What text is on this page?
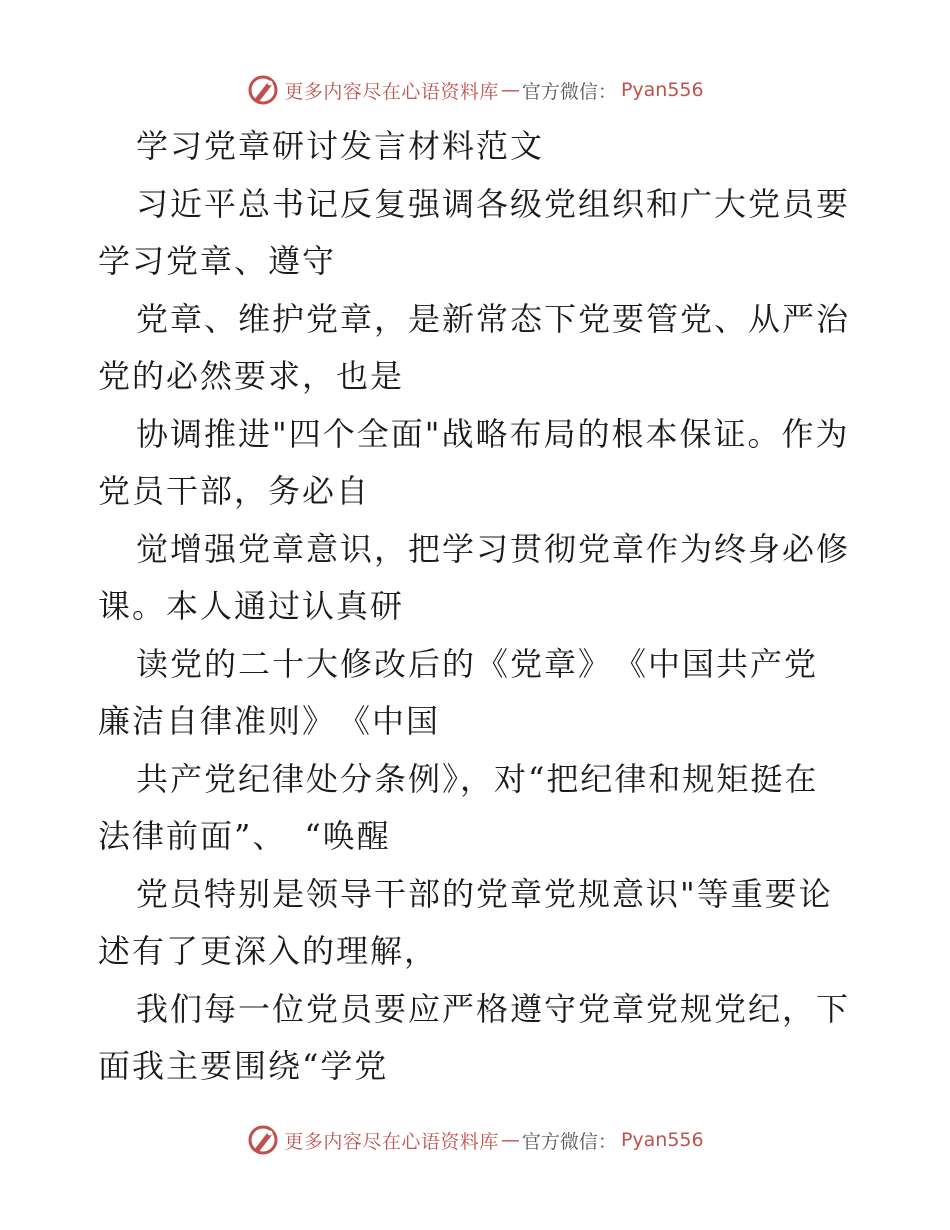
更多内容尽在心语资料库 — 官方微信： Pyan556
学习党章研讨发言材料范文
习近平总书记反复强调各级党组织和广大党员要
学习党章、遵守
党章、维护党章，是新常态下党要管党、从严治
党的必然要求，也是
协调推进"四个全面"战略布局的根本保证。作为
党员干部，务必自
觉增强党章意识，把学习贯彻党章作为终身必修
课。本人通过认真研
读党的二十大修改后的《党章》　《中国共产党
廉洁自律准则》　《中国
共产党纪律处分条例》，对“把纪律和规矩挺在
法律前面”、　“唤醒
党员特别是领导干部的党章党规意识"等重要论
述有了更深入的理解，
我们每一位党员要应严格遵守党章党规党纪，下
面我主要围绕“学党
更多内容尽在心语资料库 — 官方微信： Pyan556
